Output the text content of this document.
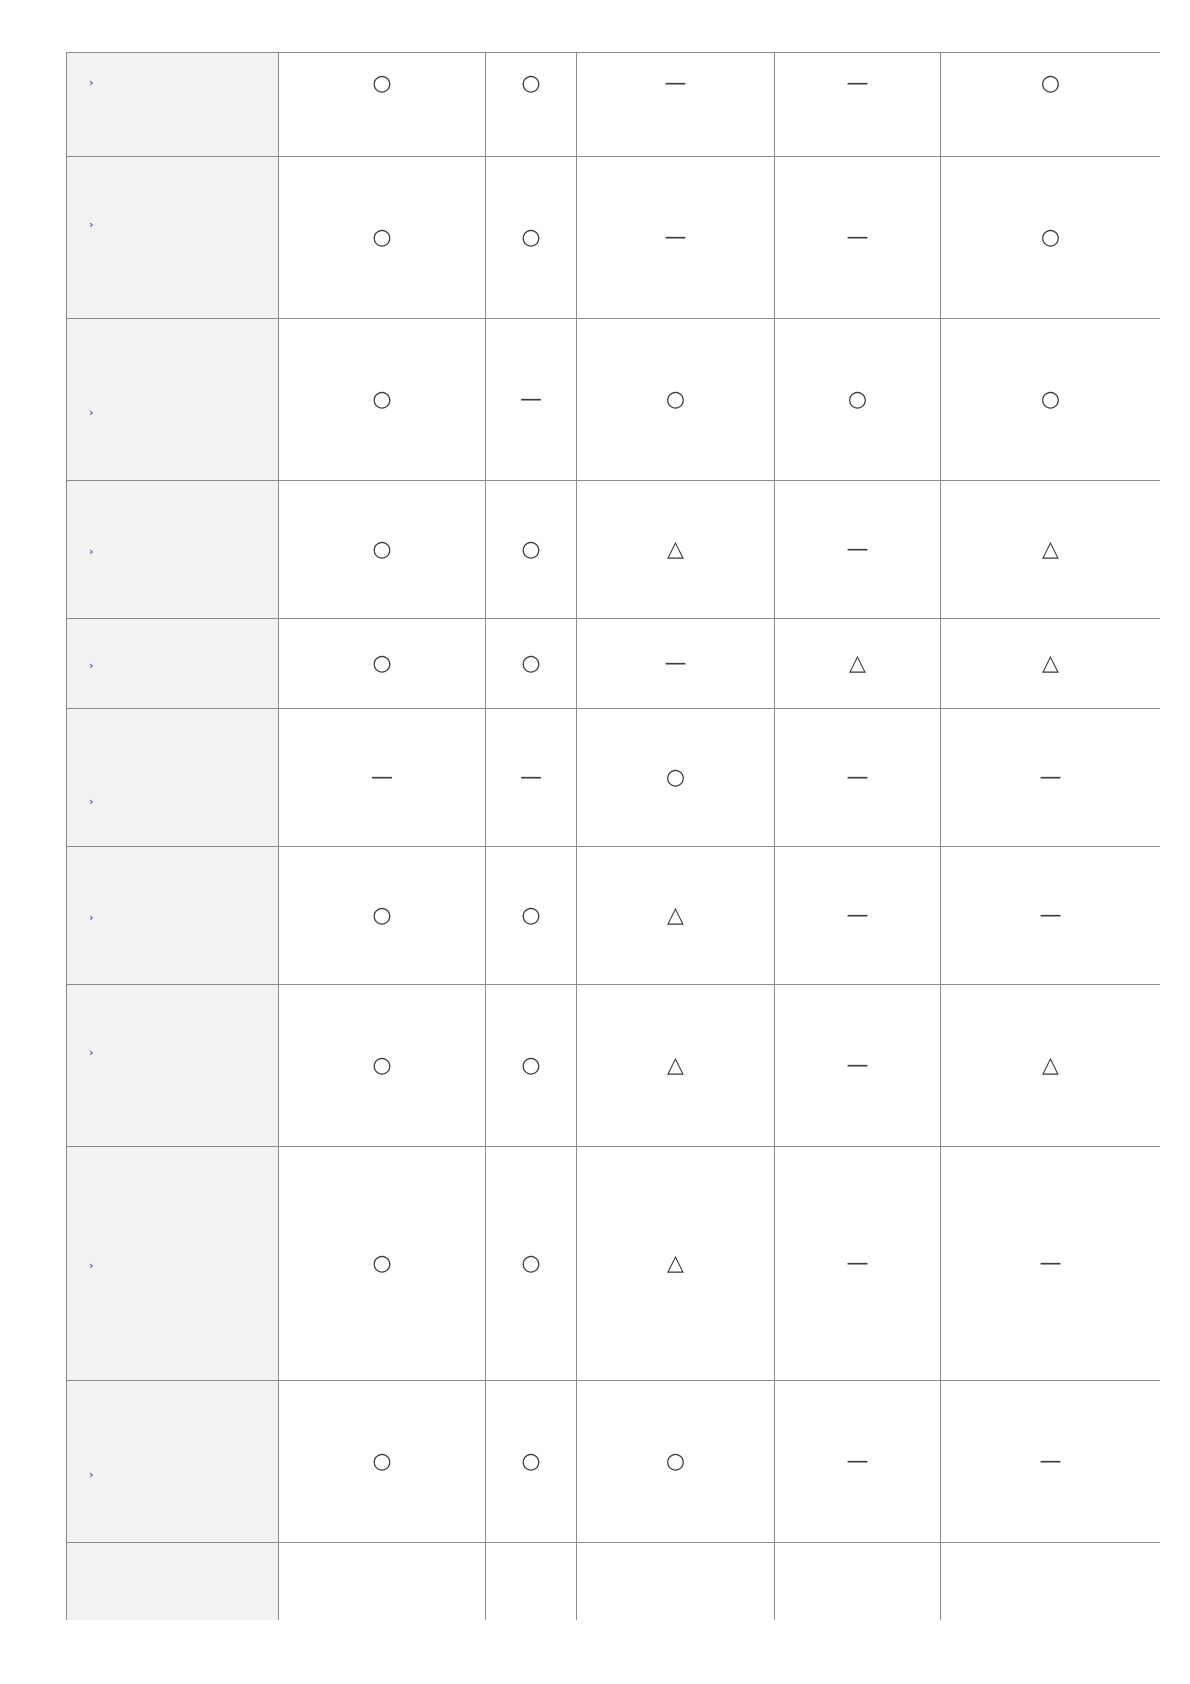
›	○	○	—	—	○
›	○	○	—	—	○
›	○	—	○	○	○
›	○	○	△	—	△
›	○	○	—	△	△
›	—	—	○	—	—
›	○	○	△	—	—
›	○	○	△	—	△
›	○	○	△	—	—
›	○	○	○	—	—
